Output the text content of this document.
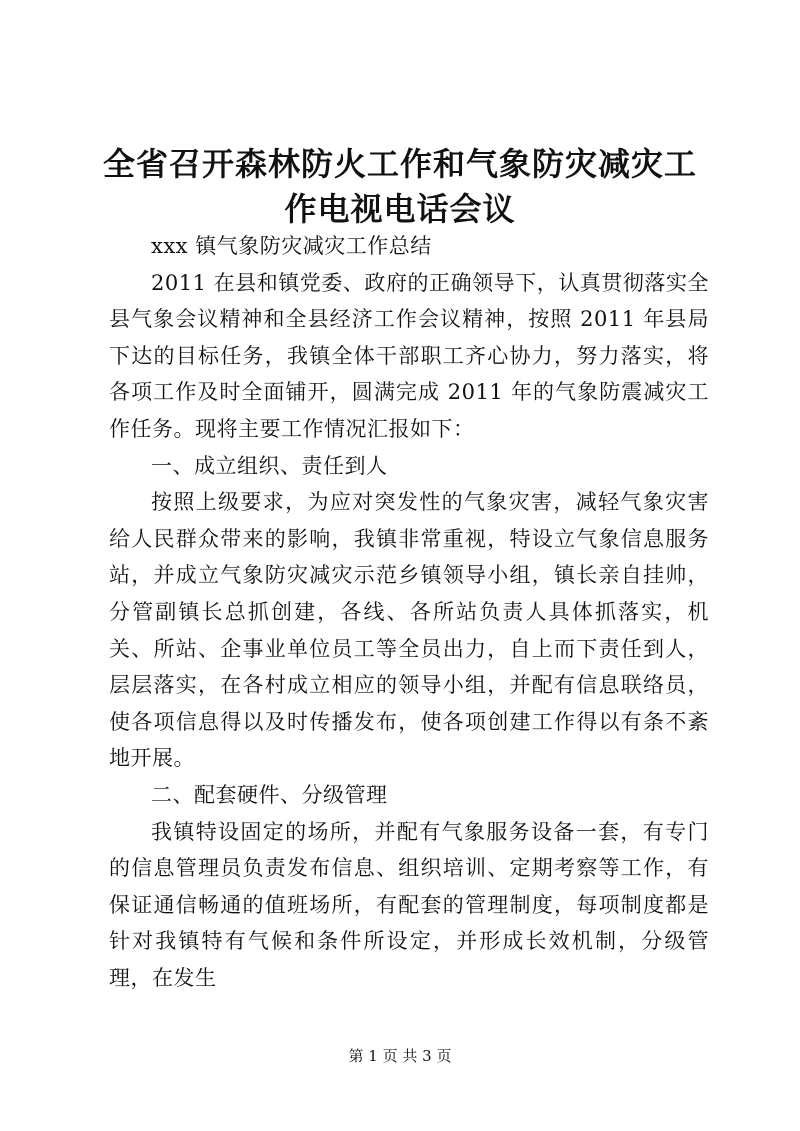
全省召开森林防火工作和气象防灾减灾工作电视电话会议

xxx 镇气象防灾减灾工作总结

2011 在县和镇党委、政府的正确领导下，认真贯彻落实全县气象会议精神和全县经济工作会议精神，按照 2011 年县局下达的目标任务，我镇全体干部职工齐心协力，努力落实，将各项工作及时全面铺开，圆满完成 2011 年的气象防震减灾工作任务。现将主要工作情况汇报如下：

一、成立组织、责任到人

按照上级要求，为应对突发性的气象灾害，减轻气象灾害给人民群众带来的影响，我镇非常重视，特设立气象信息服务站，并成立气象防灾减灾示范乡镇领导小组，镇长亲自挂帅，分管副镇长总抓创建，各线、各所站负责人具体抓落实，机关、所站、企事业单位员工等全员出力，自上而下责任到人，层层落实，在各村成立相应的领导小组，并配有信息联络员，使各项信息得以及时传播发布，使各项创建工作得以有条不紊地开展。

二、配套硬件、分级管理

我镇特设固定的场所，并配有气象服务设备一套，有专门的信息管理员负责发布信息、组织培训、定期考察等工作，有保证通信畅通的值班场所，有配套的管理制度，每项制度都是针对我镇特有气候和条件所设定，并形成长效机制，分级管理，在发生

第 1 页 共 3 页
